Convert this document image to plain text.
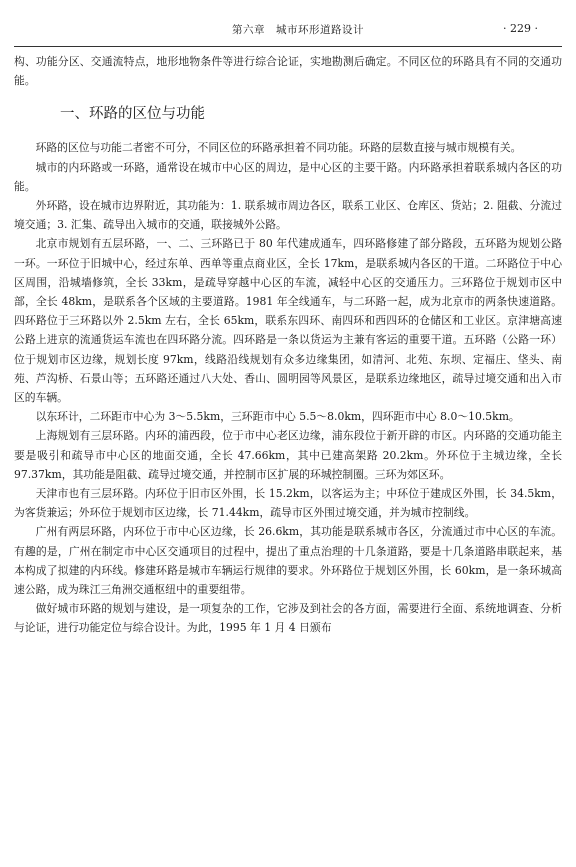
第六章　城市环形道路设计	· 229 ·

构、功能分区、交通流特点，地形地物条件等进行综合论证，实地勘测后确定。不同区位的环路具有不同的交通功能。

一、环路的区位与功能

环路的区位与功能二者密不可分，不同区位的环路承担着不同功能。环路的层数直接与城市规模有关。

城市的内环路或一环路，通常设在城市中心区的周边，是中心区的主要干路。内环路承担着联系城内各区的功能。

外环路，设在城市边界附近，其功能为：1. 联系城市周边各区，联系工业区、仓库区、货站；2. 阻截、分流过境交通；3. 汇集、疏导出入城市的交通，联接城外公路。

北京市规划有五层环路，一、二、三环路已于 80 年代建成通车，四环路修建了部分路段，五环路为规划公路一环。一环位于旧城中心，经过东单、西单等重点商业区，全长 17km，是联系城内各区的干道。二环路位于中心区周围，沿城墙修筑，全长 33km，是疏导穿越中心区的车流，减轻中心区的交通压力。三环路位于规划市区中部，全长 48km，是联系各个区域的主要道路。1981 年全线通车，与二环路一起，成为北京市的两条快速道路。四环路位于三环路以外 2.5km 左右，全长 65km，联系东四环、南四环和西四环的仓储区和工业区。京津塘高速公路上进京的流通货运车流也在四环路分流。四环路是一条以货运为主兼有客运的重要干道。五环路（公路一环）位于规划市区边缘，规划长度 97km，线路沿线规划有众多边缘集团，如清河、北苑、东坝、定福庄、垡头、南苑、芦沟桥、石景山等；五环路还通过八大处、香山、圆明园等风景区，是联系边缘地区，疏导过境交通和出入市区的车辆。

以东环计，二环距市中心为 3～5.5km，三环距市中心 5.5～8.0km，四环距市中心 8.0～10.5km。

上海规划有三层环路。内环的浦西段，位于市中心老区边缘，浦东段位于新开辟的市区。内环路的交通功能主要是吸引和疏导市中心区的地面交通，全长 47.66km，其中已建高架路 20.2km。外环位于主城边缘，全长 97.37km，其功能是阻截、疏导过境交通，并控制市区扩展的环城控制圈。三环为郊区环。

天津市也有三层环路。内环位于旧市区外围，长 15.2km，以客运为主；中环位于建成区外围，长 34.5km，为客货兼运；外环位于规划市区边缘，长 71.44km，疏导市区外围过境交通，并为城市控制线。

广州有两层环路，内环位于市中心区边缘，长 26.6km，其功能是联系城市各区，分流通过市中心区的车流。有趣的是，广州在制定市中心区交通项目的过程中，提出了重点治理的十几条道路，要是十几条道路串联起来，基本构成了拟建的内环线。修建环路是城市车辆运行规律的要求。外环路位于规划区外围，长 60km，是一条环城高速公路，成为珠江三角洲交通枢纽中的重要组带。

做好城市环路的规划与建设，是一项复杂的工作，它涉及到社会的各方面，需要进行全面、系统地调查、分析与论证，进行功能定位与综合设计。为此，1995 年 1 月 4 日颁布
